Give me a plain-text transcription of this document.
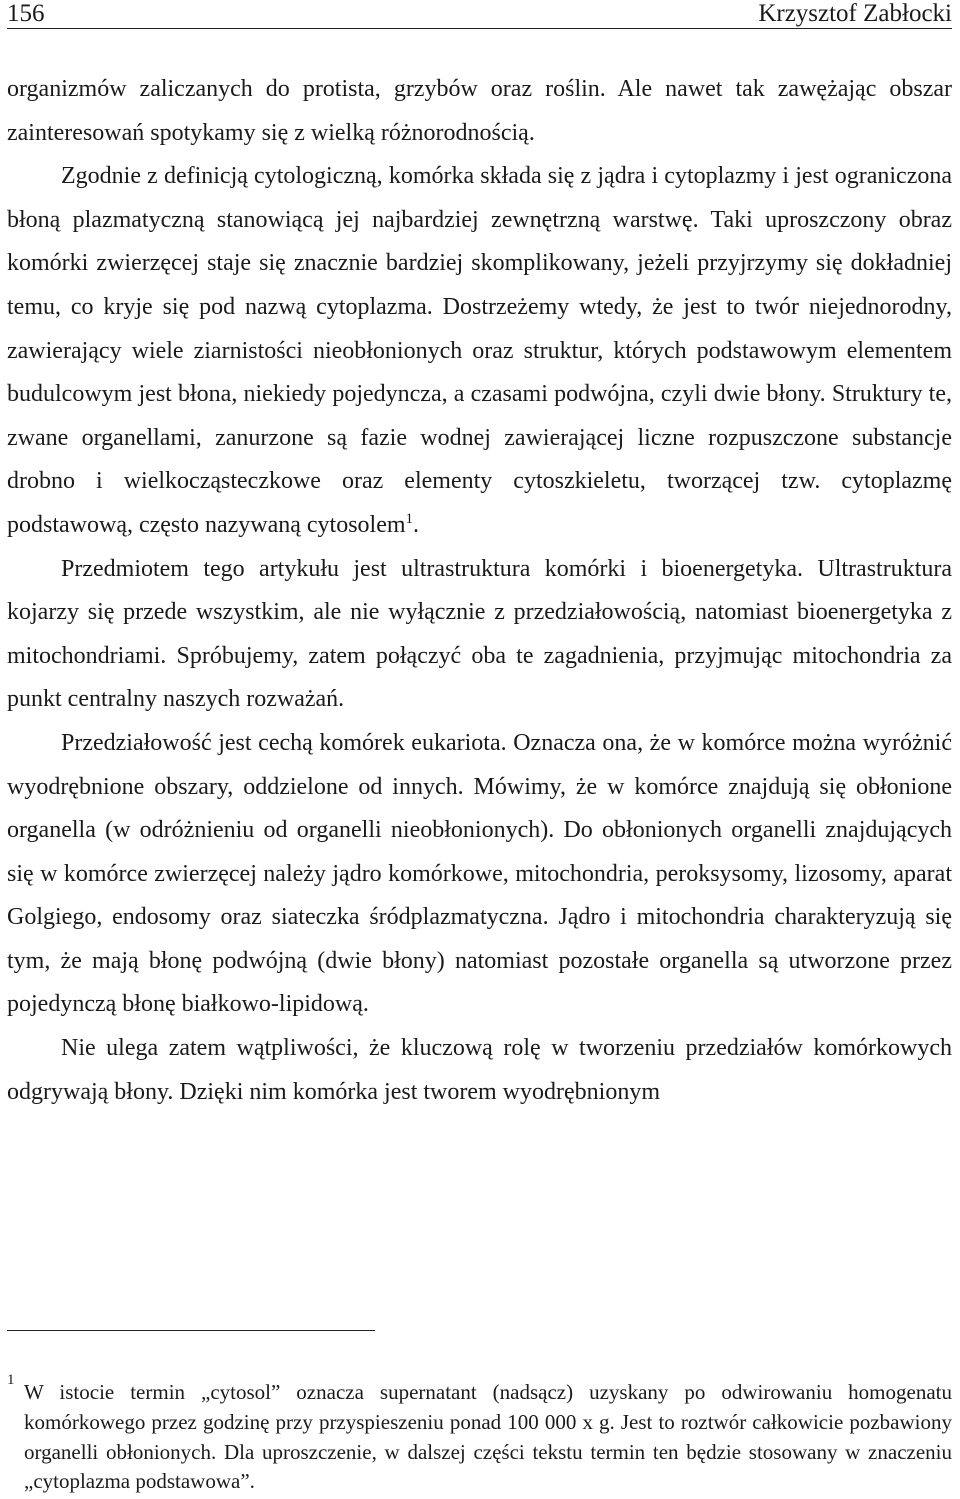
156	Krzysztof Zabłocki

organizmów zaliczanych do protista, grzybów oraz roślin. Ale nawet tak zawężając obszar zainteresowań spotykamy się z wielką różnorodnością.

Zgodnie z definicją cytologiczną, komórka składa się z jądra i cytoplazmy i jest ograniczona błoną plazmatyczną stanowiącą jej najbardziej zewnętrzną warstwę. Taki uproszczony obraz komórki zwierzęcej staje się znacznie bardziej skomplikowany, jeżeli przyjrzymy się dokładniej temu, co kryje się pod nazwą cytoplazma. Dostrzeżemy wtedy, że jest to twór niejednorodny, zawierający wiele ziarnistości nieobłonionych oraz struktur, których podstawowym elementem budulcowym jest błona, niekiedy pojedyncza, a czasami podwójna, czyli dwie błony. Struktury te, zwane organellami, zanurzone są fazie wodnej zawierającej liczne rozpuszczone substancje drobno i wielkocząsteczkowe oraz elementy cytoszkieletu, tworzącej tzw. cytoplazmę podstawową, często nazywaną cytosolem$^1$.

Przedmiotem tego artykułu jest ultrastruktura komórki i bioenergetyka. Ultrastruktura kojarzy się przede wszystkim, ale nie wyłącznie z przedziałowością, natomiast bioenergetyka z mitochondriami. Spróbujemy, zatem połączyć oba te zagadnienia, przyjmując mitochondria za punkt centralny naszych rozważań.

Przedziałowość jest cechą komórek eukariota. Oznacza ona, że w komórce można wyróżnić wyodrębnione obszary, oddzielone od innych. Mówimy, że w komórce znajdują się obłonione organella (w odróżnieniu od organelli nieobłonionych). Do obłonionych organelli znajdujących się w komórce zwierzęcej należy jądro komórkowe, mitochondria, peroksysomy, lizosomy, aparat Golgiego, endosomy oraz siateczka śródplazmatyczna. Jądro i mitochondria charakteryzują się tym, że mają błonę podwójną (dwie błony) natomiast pozostałe organella są utworzone przez pojedynczą błonę białkowo-lipidową.

Nie ulega zatem wątpliwości, że kluczową rolę w tworzeniu przedziałów komórkowych odgrywają błony. Dzięki nim komórka jest tworem wyodrębnionym

1 W istocie termin „cytosol” oznacza supernatant (nadsącz) uzyskany po odwirowaniu homogenatu komórkowego przez godzinę przy przyspieszeniu ponad 100 000 x g. Jest to roztwór całkowicie pozbawiony organelli obłonionych. Dla uproszczenie, w dalszej części tekstu termin ten będzie stosowany w znaczeniu „cytoplazma podstawowa”.
